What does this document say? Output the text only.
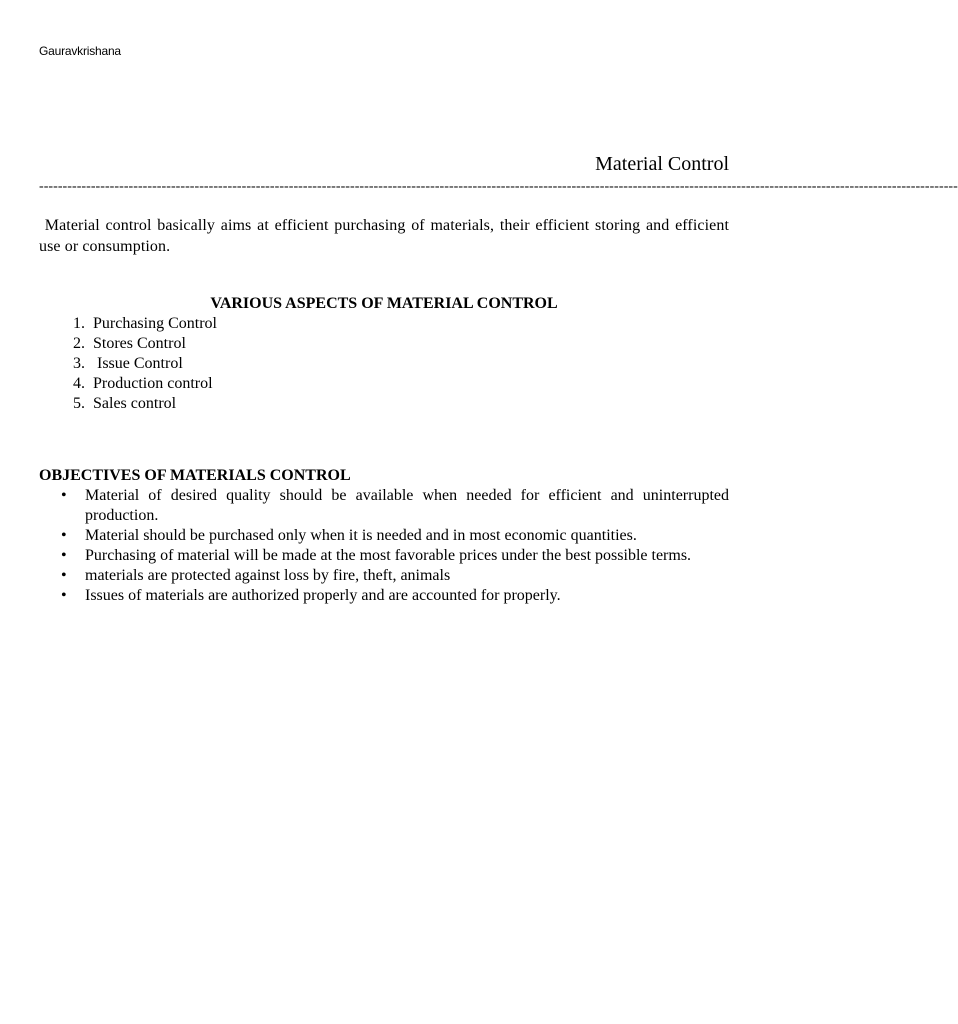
Gauravkrishana
Material Control
---------------------------------------------------------------------------------------------------------------------------------------------------------------------------------------------------

Material control basically aims at efficient purchasing of materials, their efficient storing and efficient use or consumption.

VARIOUS ASPECTS OF MATERIAL CONTROL
1. Purchasing Control
2. Stores Control
3. Issue Control
4. Production control
5. Sales control
OBJECTIVES OF MATERIALS CONTROL
• Material of desired quality should be available when needed for efficient and uninterrupted   production.
• Material should be purchased only when it is needed and in most economic quantities.
• Purchasing of material will be made at the most favorable prices under the best possible terms.
• materials are protected against loss by fire, theft, animals
• Issues of materials are authorized properly and are accounted for properly.
